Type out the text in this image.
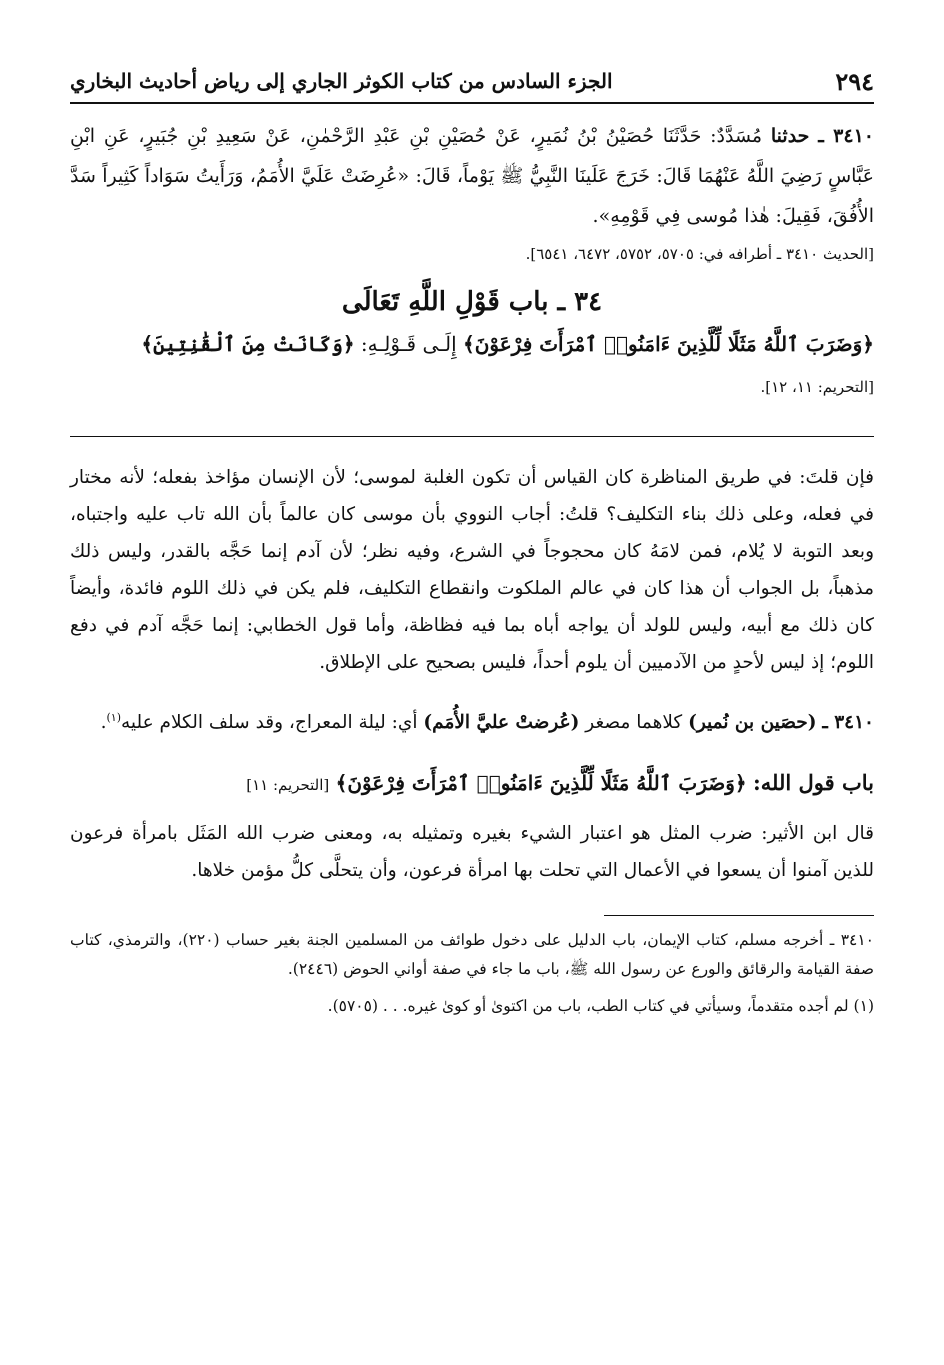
٢٩٤
الجزء السادس من كتاب الكوثر الجاري إلى رياض أحاديث البخاري

٣٤١٠ ـ حدثنا مُسَدَّدٌ: حَدَّثَنَا حُصَيْنُ بْنُ نُمَيرٍ، عَنْ حُصَيْنِ بْنِ عَبْدِ الرَّحْمٰنِ، عَنْ سَعِيدِ بْنِ جُبَيرٍ، عَنِ ابْنِ عَبَّاسٍ رَضِيَ اللَّهُ عَنْهُمَا قَالَ: خَرَجَ عَلَينَا النَّبِيُّ ﷺ يَوْماً، قَالَ: «عُرِضَتْ عَلَيَّ الأُمَمُ، وَرَأَيتُ سَوَاداً كَثِيراً سَدَّ الأُفُقَ، فَقِيلَ: هٰذا مُوسى فِي قَوْمِهِ».

[الحديث ٣٤١٠ ـ أطرافه في: ٥٧٠٥، ٥٧٥٢، ٦٤٧٢، ٦٥٤١].
٣٤ ـ باب قَوْلِ اللَّهِ تَعَالَى

﴿وَضَرَبَ ٱللَّهُ مَثَلًا لِّلَّذِينَ ءَامَنُوا۟ ٱمْرَأَتَ فِرْعَوْنَ﴾ إِلَـى قَـوْلِـهِ: ﴿وَكَانَتْ مِنَ ٱلْقَٰنِتِينَ﴾

[التحريم: ١١، ١٢].

فإن قلتَ: في طريق المناظرة كان القياس أن تكون الغلبة لموسى؛ لأن الإنسان مؤاخذ بفعله؛ لأنه مختار في فعله، وعلى ذلك بناء التكليف؟ قلتُ: أجاب النووي بأن موسى كان عالماً بأن الله تاب عليه واجتباه، وبعد التوبة لا يُلام، فمن لامَهُ كان محجوجاً في الشرع، وفيه نظر؛ لأن آدم إنما حَجَّه بالقدر، وليس ذلك مذهباً، بل الجواب أن هذا كان في عالم الملكوت وانقطاع التكليف، فلم يكن في ذلك اللوم فائدة، وأيضاً كان ذلك مع أبيه، وليس للولد أن يواجه أباه بما فيه فظاظة، وأما قول الخطابي: إنما حَجَّه آدم في دفع اللوم؛ إذ ليس لأحدٍ من الآدميين أن يلوم أحداً، فليس بصحيح على الإطلاق.

٣٤١٠ ـ (حصَين بن نُمير) كلاهما مصغر (عُرضتْ عليَّ الأُمَم) أي: ليلة المعراج، وقد سلف الكلام عليه$^{(١)}$.

باب قول الله: ﴿وَضَرَبَ ٱللَّهُ مَثَلًا لِّلَّذِينَ ءَامَنُوا۟ ٱمْرَأَتَ فِرْعَوْنَ﴾ [التحريم: ١١]

قال ابن الأثير: ضرب المثل هو اعتبار الشيء بغيره وتمثيله به، ومعنى ضرب الله المَثَل بامرأة فرعون للذين آمنوا أن يسعوا في الأعمال التي تحلت بها امرأة فرعون، وأن يتحلَّى كلُّ مؤمن خلاها.

٣٤١٠ ـ أخرجه مسلم، كتاب الإيمان، باب الدليل على دخول طوائف من المسلمين الجنة بغير حساب (٢٢٠)، والترمذي، كتاب صفة القيامة والرقائق والورع عن رسول الله ﷺ، باب ما جاء في صفة أواني الحوض (٢٤٤٦).

(١) لم أجده متقدماً، وسيأتي في كتاب الطب، باب من اكتوىٰ أو كوىٰ غيره. . . (٥٧٠٥).
